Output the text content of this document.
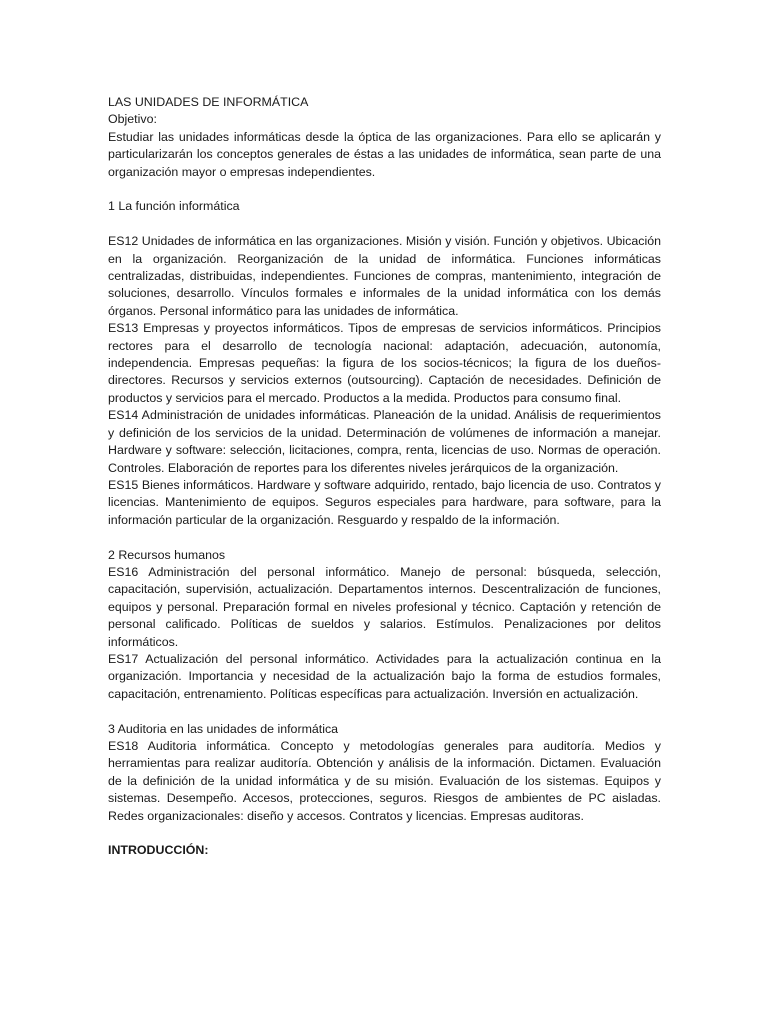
LAS UNIDADES DE INFORMÁTICA

Objetivo:

Estudiar las unidades informáticas desde la óptica de las organizaciones. Para ello se aplicarán y particularizarán los conceptos generales de éstas a las unidades de informática, sean parte de una organización mayor o empresas independientes.

1 La función informática

ES12 Unidades de informática en las organizaciones. Misión y visión. Función y objetivos. Ubicación en la organización. Reorganización de la unidad de informática. Funciones informáticas centralizadas, distribuidas, independientes. Funciones de compras, mantenimiento, integración de soluciones, desarrollo. Vínculos formales e informales de la unidad informática con los demás órganos. Personal informático para las unidades de informática.

ES13 Empresas y proyectos informáticos. Tipos de empresas de servicios informáticos. Principios rectores para el desarrollo de tecnología nacional: adaptación, adecuación, autonomía, independencia. Empresas pequeñas: la figura de los socios-técnicos; la figura de los dueños-directores. Recursos y servicios externos (outsourcing). Captación de necesidades. Definición de productos y servicios para el mercado. Productos a la medida. Productos para consumo final.

ES14 Administración de unidades informáticas. Planeación de la unidad. Análisis de requerimientos y definición de los servicios de la unidad. Determinación de volúmenes de información a manejar. Hardware y software: selección, licitaciones, compra, renta, licencias de uso. Normas de operación. Controles. Elaboración de reportes para los diferentes niveles jerárquicos de la organización.

ES15 Bienes informáticos. Hardware y software adquirido, rentado, bajo licencia de uso. Contratos y licencias. Mantenimiento de equipos. Seguros especiales para hardware, para software, para la información particular de la organización. Resguardo y respaldo de la información.

2 Recursos humanos

ES16 Administración del personal informático. Manejo de personal: búsqueda, selección, capacitación, supervisión, actualización. Departamentos internos. Descentralización de funciones, equipos y personal. Preparación formal en niveles profesional y técnico. Captación y retención de personal calificado. Políticas de sueldos y salarios. Estímulos. Penalizaciones por delitos informáticos.

ES17 Actualización del personal informático. Actividades para la actualización continua en la organización. Importancia y necesidad de la actualización bajo la forma de estudios formales, capacitación, entrenamiento. Políticas específicas para actualización. Inversión en actualización.

3 Auditoria en las unidades de informática

ES18 Auditoria informática. Concepto y metodologías generales para auditoría. Medios y herramientas para realizar auditoría. Obtención y análisis de la información. Dictamen. Evaluación de la definición de la unidad informática y de su misión. Evaluación de los sistemas. Equipos y sistemas. Desempeño. Accesos, protecciones, seguros. Riesgos de ambientes de PC aisladas. Redes organizacionales: diseño y accesos. Contratos y licencias. Empresas auditoras.

INTRODUCCIÓN:
